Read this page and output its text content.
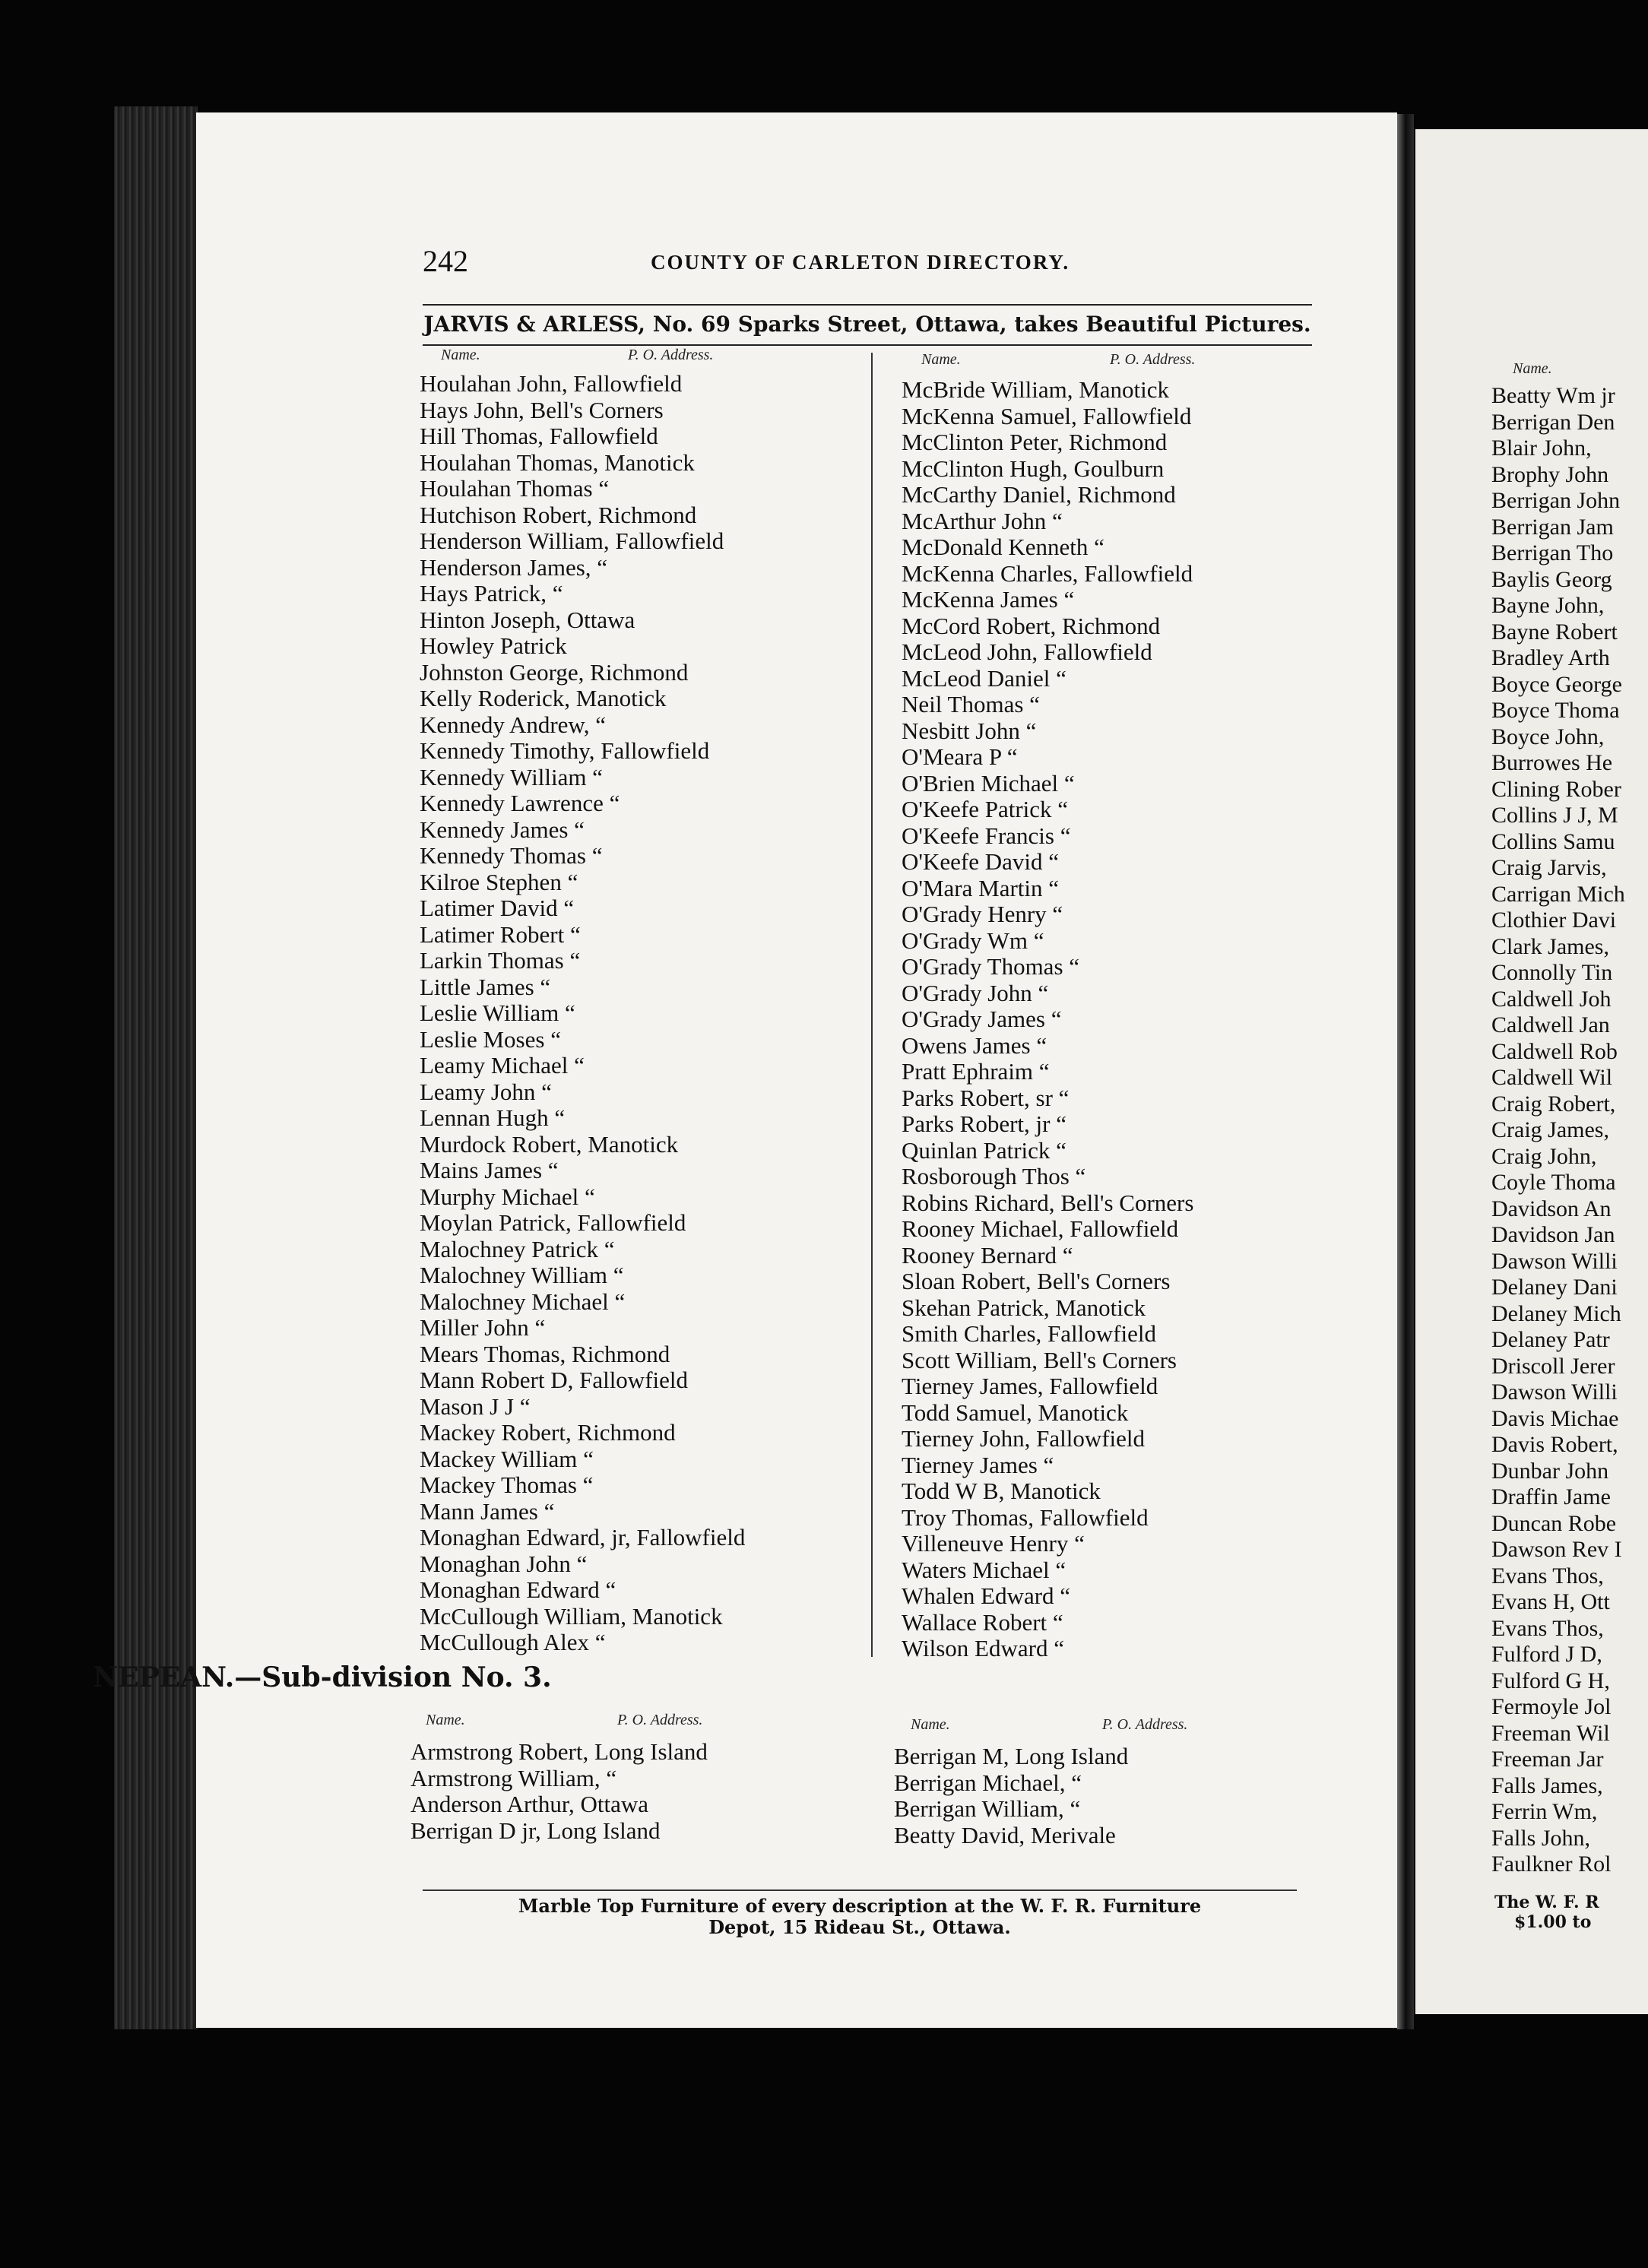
242	COUNTY OF CARLETON DIRECTORY.
JARVIS & ARLESS, No. 69 Sparks Street, Ottawa, takes Beautiful Pictures.
Name.	P. O. Address.	Name.	P. O. Address.
Houlahan John, Fallowfield
Hays John, Bell's Corners
Hill Thomas, Fallowfield
Houlahan Thomas, Manotick
Houlahan Thomas “
Hutchison Robert, Richmond
Henderson William, Fallowfield
Henderson James, “
Hays Patrick, “
Hinton Joseph, Ottawa
Howley Patrick
Johnston George, Richmond
Kelly Roderick, Manotick
Kennedy Andrew, “
Kennedy Timothy, Fallowfield
Kennedy William “
Kennedy Lawrence “
Kennedy James “
Kennedy Thomas “
Kilroe Stephen “
Latimer David “
Latimer Robert “
Larkin Thomas “
Little James “
Leslie William “
Leslie Moses “
Leamy Michael “
Leamy John “
Lennan Hugh “
Murdock Robert, Manotick
Mains James “
Murphy Michael “
Moylan Patrick, Fallowfield
Malochney Patrick “
Malochney William “
Malochney Michael “
Miller John “
Mears Thomas, Richmond
Mann Robert D, Fallowfield
Mason J J “
Mackey Robert, Richmond
Mackey William “
Mackey Thomas “
Mann James “
Monaghan Edward, jr, Fallowfield
Monaghan John “
Monaghan Edward “
McCullough William, Manotick
McCullough Alex “
McBride William, Manotick
McKenna Samuel, Fallowfield
McClinton Peter, Richmond
McClinton Hugh, Goulburn
McCarthy Daniel, Richmond
McArthur John “
McDonald Kenneth “
McKenna Charles, Fallowfield
McKenna James “
McCord Robert, Richmond
McLeod John, Fallowfield
McLeod Daniel “
Neil Thomas “
Nesbitt John “
O'Meara P “
O'Brien Michael “
O'Keefe Patrick “
O'Keefe Francis “
O'Keefe David “
O'Mara Martin “
O'Grady Henry “
O'Grady Wm “
O'Grady Thomas “
O'Grady John “
O'Grady James “
Owens James “
Pratt Ephraim “
Parks Robert, sr “
Parks Robert, jr “
Quinlan Patrick “
Rosborough Thos “
Robins Richard, Bell's Corners
Rooney Michael, Fallowfield
Rooney Bernard “
Sloan Robert, Bell's Corners
Skehan Patrick, Manotick
Smith Charles, Fallowfield
Scott William, Bell's Corners
Tierney James, Fallowfield
Todd Samuel, Manotick
Tierney John, Fallowfield
Tierney James “
Todd W B, Manotick
Troy Thomas, Fallowfield
Villeneuve Henry “
Waters Michael “
Whalen Edward “
Wallace Robert “
Wilson Edward “
NEPEAN.—Sub-division No. 3.
Name.	P. O. Address.	Name.	P. O. Address.
Armstrong Robert, Long Island
Armstrong William, “
Anderson Arthur, Ottawa
Berrigan D jr, Long Island
Berrigan M, Long Island
Berrigan Michael, “
Berrigan William, “
Beatty David, Merivale
Marble Top Furniture of every description at the W. F. R. Furniture
Depot, 15 Rideau St., Ottawa.
Name.
Beatty Wm jr
Berrigan Den
Blair John,
Brophy John
Berrigan John
Berrigan Jam
Berrigan Tho
Baylis Georg
Bayne John,
Bayne Robert
Bradley Arth
Boyce George
Boyce Thoma
Boyce John,
Burrowes He
Clining Rober
Collins J J, M
Collins Samu
Craig Jarvis,
Carrigan Mich
Clothier Davi
Clark James,
Connolly Tin
Caldwell Joh
Caldwell Jan
Caldwell Rob
Caldwell Wil
Craig Robert,
Craig James,
Craig John,
Coyle Thoma
Davidson An
Davidson Jan
Dawson Willi
Delaney Dani
Delaney Mich
Delaney Patr
Driscoll Jerer
Dawson Willi
Davis Michae
Davis Robert,
Dunbar John
Draffin Jame
Duncan Robe
Dawson Rev I
Evans Thos,
Evans H, Ott
Evans Thos,
Fulford J D,
Fulford G H,
Fermoyle Jol
Freeman Wil
Freeman Jar
Falls James,
Ferrin Wm,
Falls John,
Faulkner Rol
The W. F. R
$1.00 to
